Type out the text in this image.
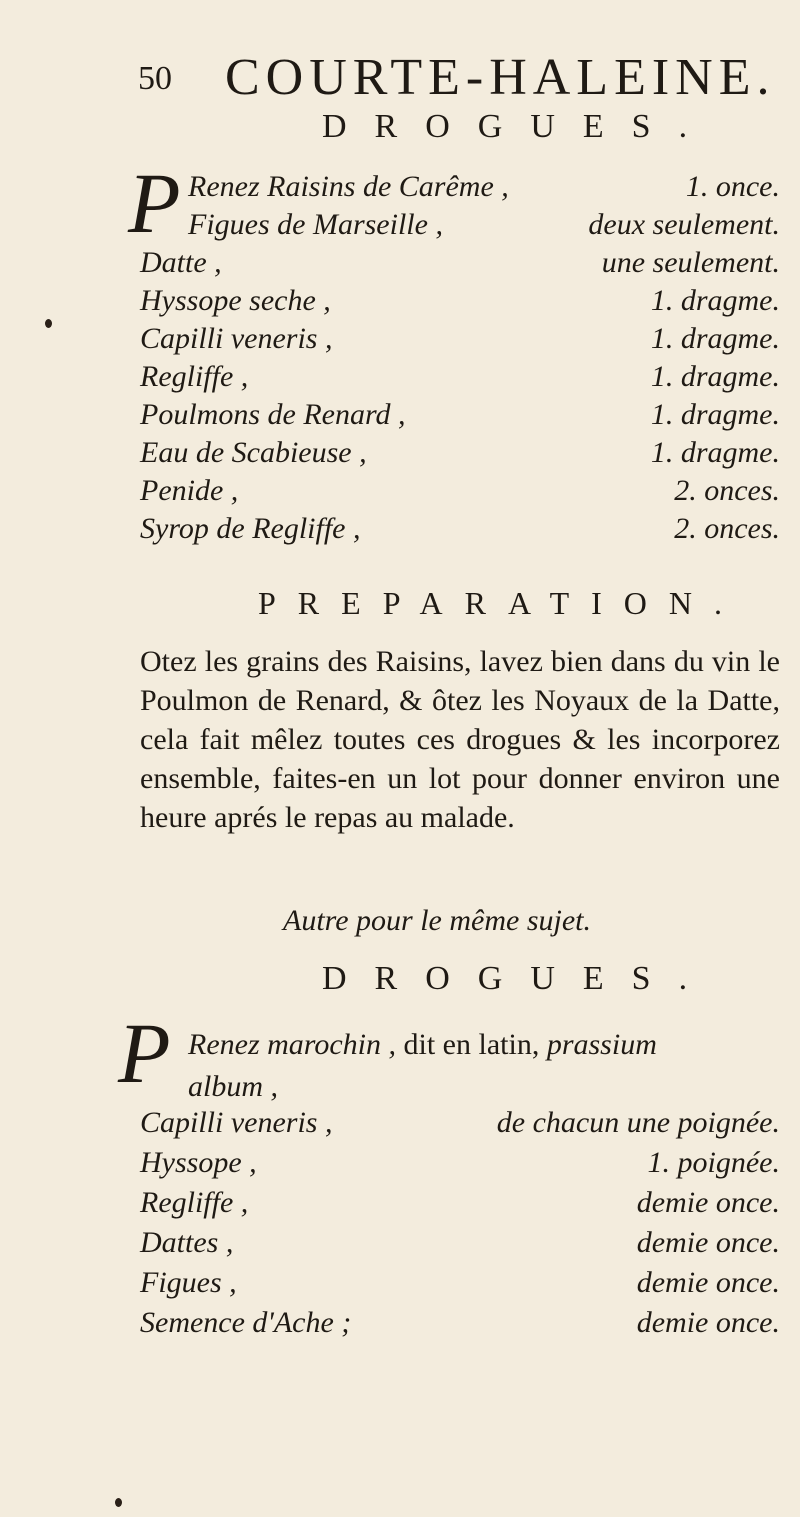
50 COURTE-HALEINE.
DROGUES.
P Renez Raisins de Carême ,	1. once.
Figues de Marseille ,	deux seulement.
Datte ,	une seulement.
Hyssope seche ,	1. dragme.
Capilli veneris ,	1. dragme.
Regliffe ,	1. dragme.
Poulmons de Renard ,	1. dragme.
Eau de Scabieuse ,	1. dragme.
Penide ,	2. onces.
Syrop de Regliffe ,	2. onces.
PREPARATION.

Otez les grains des Raisins, lavez bien dans du vin le Poulmon de Renard, & ôtez les Noyaux de la Datte, cela fait mêlez toutes ces drogues & les incorporez ensemble, faites-en un lot pour donner environ une heure aprés le repas au malade.

Autre pour le même sujet.
DROGUES.
P Renez marochin , dit en latin, prassium
album ,
Capilli veneris ,	de chacun une poignée.
Hyssope ,	1. poignée.
Regliffe ,	demie once.
Dattes ,	demie once.
Figues ,	demie once.
Semence d'Ache ;	demie once.
